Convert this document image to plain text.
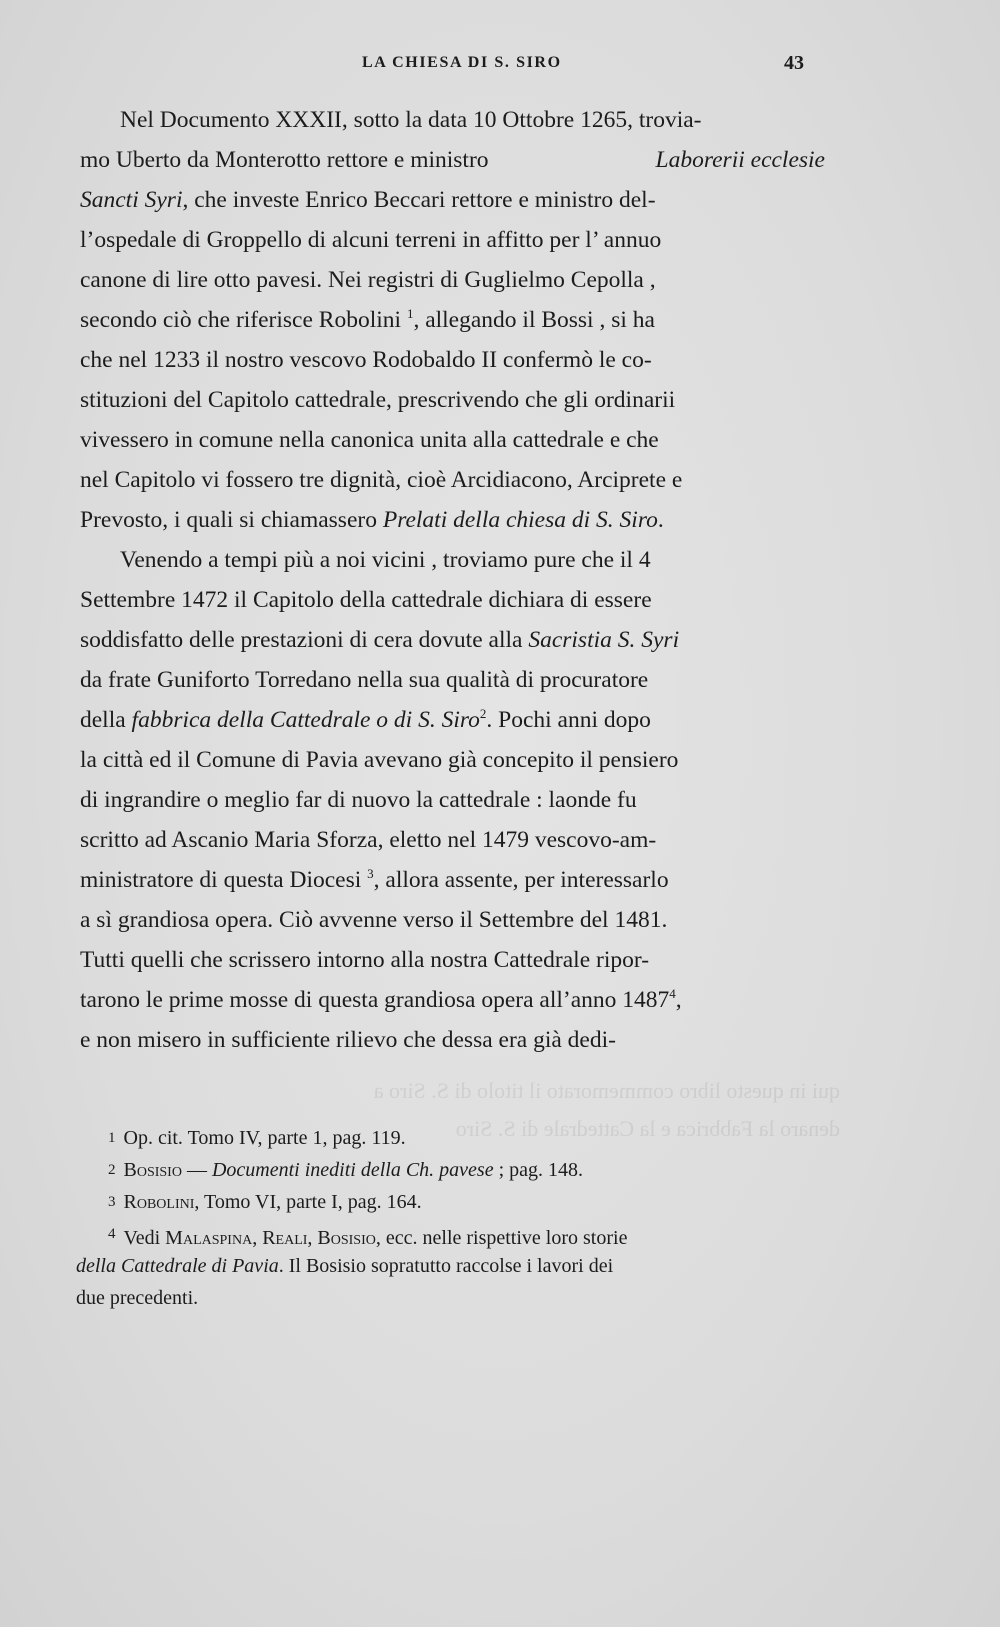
qui in questo libro commemorato il titolo di S. Siro a
denaro la Fabbrica e la Cattedrale di S. Siro
LA CHIESA DI S. SIRO	43
Nel Documento XXXII, sotto la data 10 Ottobre 1265, trovia-
mo Uberto da Monterotto rettore e ministro	Laborerii ecclesie
Sancti Syri, che investe Enrico Beccari rettore e ministro del-
l’ospedale di Groppello di alcuni terreni in affitto per l’ annuo
canone di lire otto pavesi. Nei registri di Guglielmo Cepolla ,
secondo ciò che riferisce Robolini $^1$, allegando il Bossi , si ha
che nel 1233 il nostro vescovo Rodobaldo II confermò le co-
stituzioni del Capitolo cattedrale, prescrivendo che gli ordinarii
vivessero in comune nella canonica unita alla cattedrale e che
nel Capitolo vi fossero tre dignità, cioè Arcidiacono, Arciprete e
Prevosto, i quali si chiamassero Prelati della chiesa di S. Siro.
Venendo a tempi più a noi vicini , troviamo pure che il 4
Settembre 1472 il Capitolo della cattedrale dichiara di essere
soddisfatto delle prestazioni di cera dovute alla Sacristia S. Syri
da frate Guniforto Torredano nella sua qualità di procuratore
della fabbrica della Cattedrale o di S. Siro$^2$. Pochi anni dopo
la città ed il Comune di Pavia avevano già concepito il pensiero
di ingrandire o meglio far di nuovo la cattedrale : laonde fu
scritto ad Ascanio Maria Sforza, eletto nel 1479 vescovo-am-
ministratore di questa Diocesi $^3$, allora assente, per interessarlo
a sì grandiosa opera. Ciò avvenne verso il Settembre del 1481.
Tutti quelli che scrissero intorno alla nostra Cattedrale ripor-
tarono le prime mosse di questa grandiosa opera all’anno 1487$^4$,
e non misero in sufficiente rilievo che dessa era già dedi-
1 Op. cit. Tomo IV, parte 1, pag. 119.
2 Bosisio — Documenti inediti della Ch. pavese ; pag. 148.
3 Robolini , Tomo VI, parte I, pag. 164.
$^4$ Vedi Malaspina, Reali, Bosisio, ecc. nelle rispettive loro storie
della Cattedrale di Pavia. Il Bosisio sopratutto raccolse i lavori dei
due precedenti.
